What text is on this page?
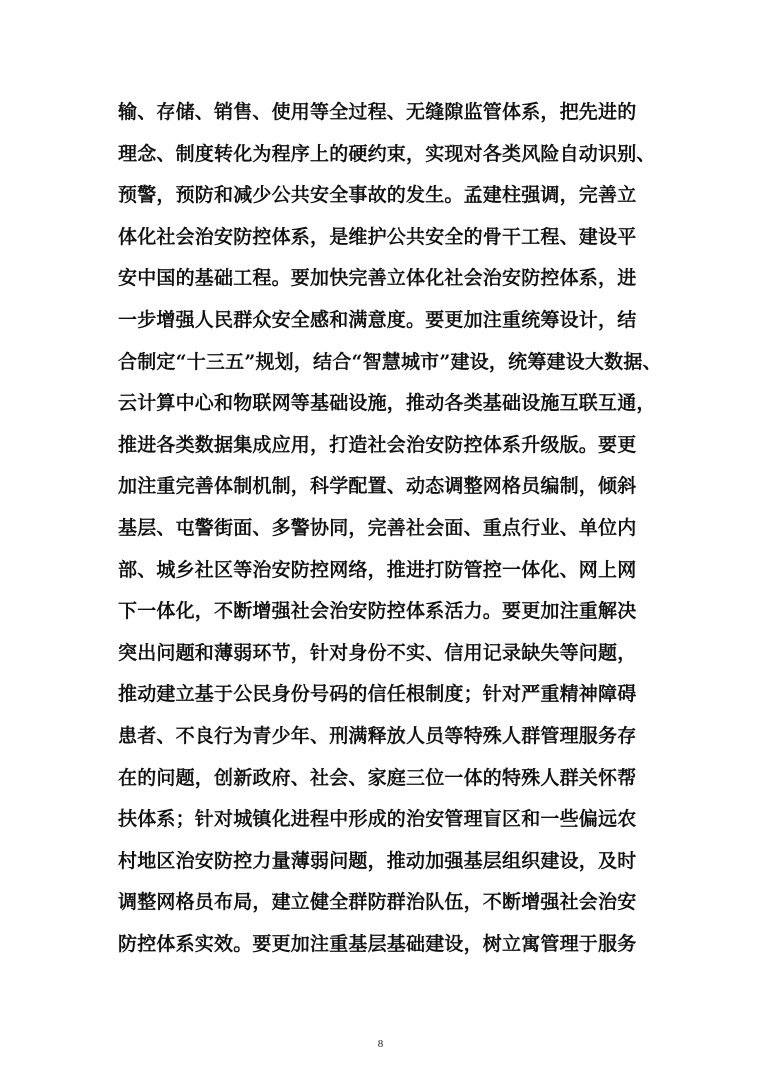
输、存储、销售、使用等全过程、无缝隙监管体系，把先进的
理念、制度转化为程序上的硬约束，实现对各类风险自动识别、
预警，预防和减少公共安全事故的发生。孟建柱强调，完善立
体化社会治安防控体系，是维护公共安全的骨干工程、建设平
安中国的基础工程。要加快完善立体化社会治安防控体系，进
一步增强人民群众安全感和满意度。要更加注重统筹设计，结
合制定“十三五”规划，结合“智慧城市”建设，统筹建设大数据、
云计算中心和物联网等基础设施，推动各类基础设施互联互通，
推进各类数据集成应用，打造社会治安防控体系升级版。要更
加注重完善体制机制，科学配置、动态调整网格员编制，倾斜
基层、屯警街面、多警协同，完善社会面、重点行业、单位内
部、城乡社区等治安防控网络，推进打防管控一体化、网上网
下一体化，不断增强社会治安防控体系活力。要更加注重解决
突出问题和薄弱环节，针对身份不实、信用记录缺失等问题，
推动建立基于公民身份号码的信任根制度；针对严重精神障碍
患者、不良行为青少年、刑满释放人员等特殊人群管理服务存
在的问题，创新政府、社会、家庭三位一体的特殊人群关怀帮
扶体系；针对城镇化进程中形成的治安管理盲区和一些偏远农
村地区治安防控力量薄弱问题，推动加强基层组织建设，及时
调整网格员布局，建立健全群防群治队伍，不断增强社会治安
防控体系实效。要更加注重基层基础建设，树立寓管理于服务
8
